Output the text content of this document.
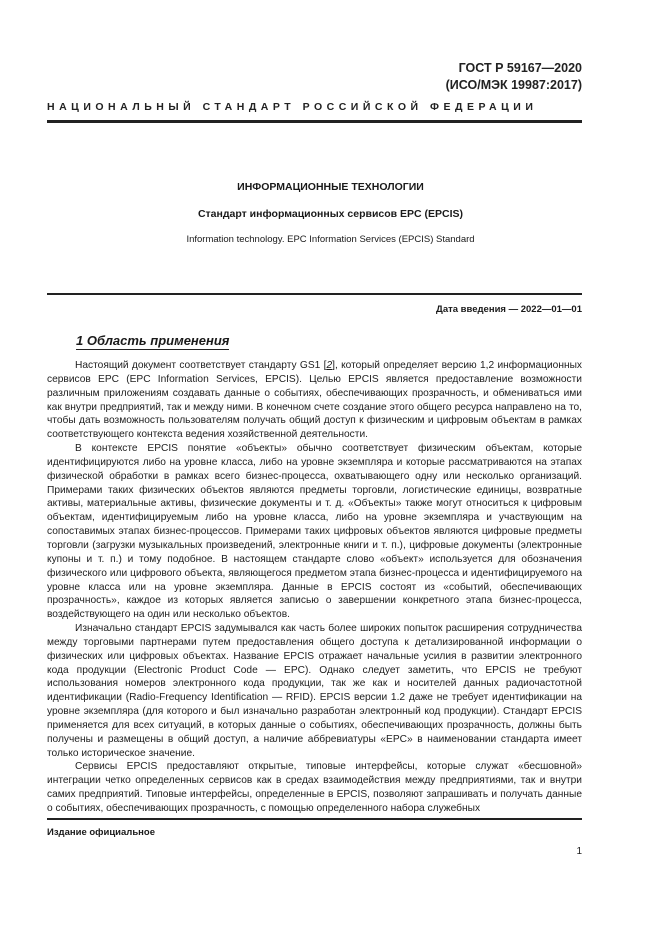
ГОСТ Р 59167—2020
(ИСО/МЭК 19987:2017)
НАЦИОНАЛЬНЫЙ СТАНДАРТ РОССИЙСКОЙ ФЕДЕРАЦИИ
ИНФОРМАЦИОННЫЕ ТЕХНОЛОГИИ
Стандарт информационных сервисов EPC (EPCIS)
Information technology. EPC Information Services (EPCIS) Standard
Дата введения — 2022—01—01
1 Область применения

Настоящий документ соответствует стандарту GS1 [2], который определяет версию 1,2 информационных сервисов EPC (EPC Information Services, EPCIS). Целью EPCIS является предоставление возможности различным приложениям создавать данные о событиях, обеспечивающих прозрачность, и обмениваться ими как внутри предприятий, так и между ними. В конечном счете создание этого общего ресурса направлено на то, чтобы дать возможность пользователям получать общий доступ к физическим и цифровым объектам в рамках соответствующего контекста ведения хозяйственной деятельности.

В контексте EPCIS понятие «объекты» обычно соответствует физическим объектам, которые идентифицируются либо на уровне класса, либо на уровне экземпляра и которые рассматриваются на этапах физической обработки в рамках всего бизнес-процесса, охватывающего одну или несколько организаций. Примерами таких физических объектов являются предметы торговли, логистические единицы, возвратные активы, материальные активы, физические документы и т. д. «Объекты» также могут относиться к цифровым объектам, идентифицируемым либо на уровне класса, либо на уровне экземпляра и участвующим на сопоставимых этапах бизнес-процессов. Примерами таких цифровых объектов являются цифровые предметы торговли (загрузки музыкальных произведений, электронные книги и т. п.), цифровые документы (электронные купоны и т. п.) и тому подобное. В настоящем стандарте слово «объект» используется для обозначения физического или цифрового объекта, являющегося предметом этапа бизнес-процесса и идентифицируемого на уровне класса или на уровне экземпляра. Данные в EPCIS состоят из «событий, обеспечивающих прозрачность», каждое из которых является записью о завершении конкретного этапа бизнес-процесса, воздействующего на один или несколько объектов.

Изначально стандарт EPCIS задумывался как часть более широких попыток расширения сотрудничества между торговыми партнерами путем предоставления общего доступа к детализированной информации о физических или цифровых объектах. Название EPCIS отражает начальные усилия в развитии электронного кода продукции (Electronic Product Code — EPC). Однако следует заметить, что EPCIS не требуют использования номеров электронного кода продукции, так же как и носителей данных радиочастотной идентификации (Radio-Frequency Identification — RFID). EPCIS версии 1.2 даже не требует идентификации на уровне экземпляра (для которого и был изначально разработан электронный код продукции). Стандарт EPCIS применяется для всех ситуаций, в которых данные о событиях, обеспечивающих прозрачность, должны быть получены и размещены в общий доступ, а наличие аббревиатуры «EPC» в наименовании стандарта имеет только историческое значение.

Сервисы EPCIS предоставляют открытые, типовые интерфейсы, которые служат «бесшовной» интеграции четко определенных сервисов как в средах взаимодействия между предприятиями, так и внутри самих предприятий. Типовые интерфейсы, определенные в EPCIS, позволяют запрашивать и получать данные о событиях, обеспечивающих прозрачность, с помощью определенного набора служебных

Издание официальное
1
